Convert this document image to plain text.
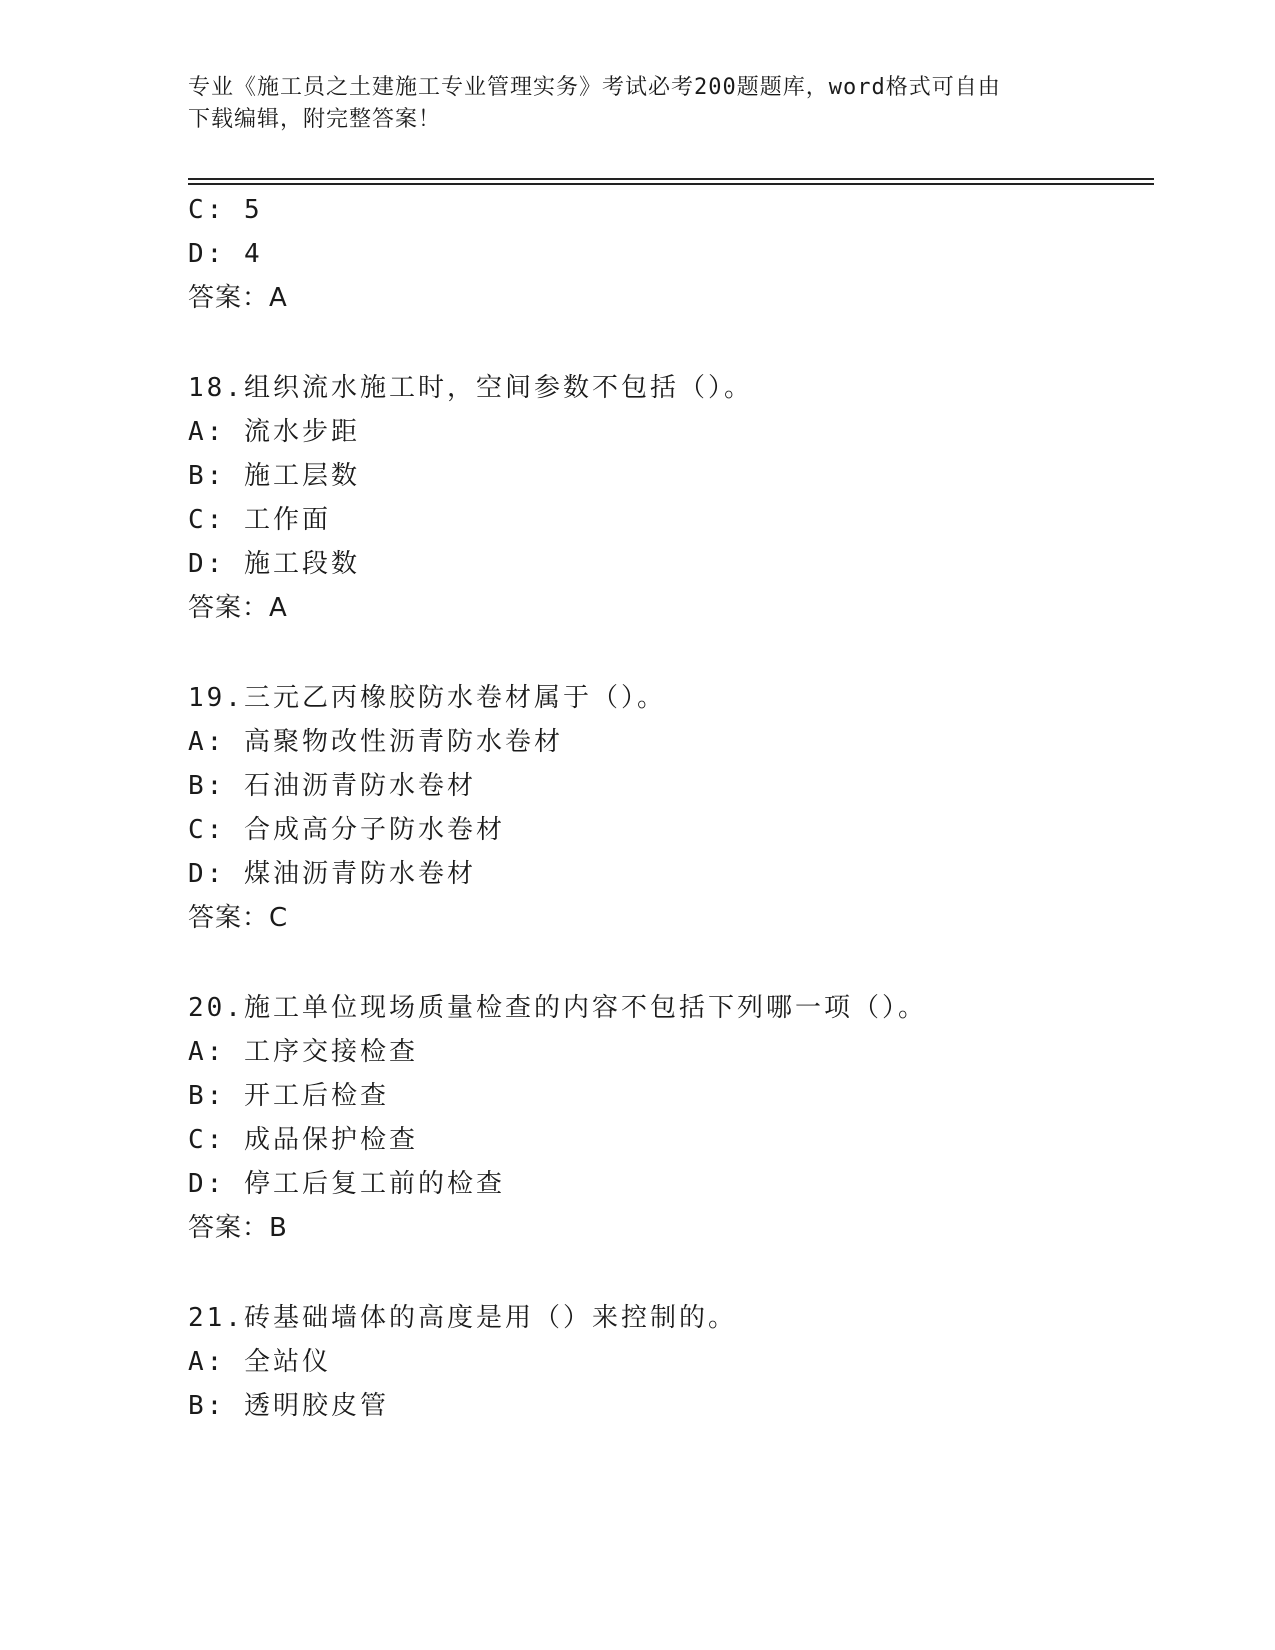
专业《施工员之土建施工专业管理实务》考试必考200题题库，word格式可自由
下载编辑，附完整答案！
C: 5
D: 4
答案：A
18.组织流水施工时，空间参数不包括（）。
A: 流水步距
B: 施工层数
C: 工作面
D: 施工段数
答案：A
19.三元乙丙橡胶防水卷材属于（）。
A: 高聚物改性沥青防水卷材
B: 石油沥青防水卷材
C: 合成高分子防水卷材
D: 煤油沥青防水卷材
答案：C
20.施工单位现场质量检查的内容不包括下列哪一项（）。
A: 工序交接检查
B: 开工后检查
C: 成品保护检查
D: 停工后复工前的检查
答案：B
21.砖基础墙体的高度是用（）来控制的。
A: 全站仪
B: 透明胶皮管
